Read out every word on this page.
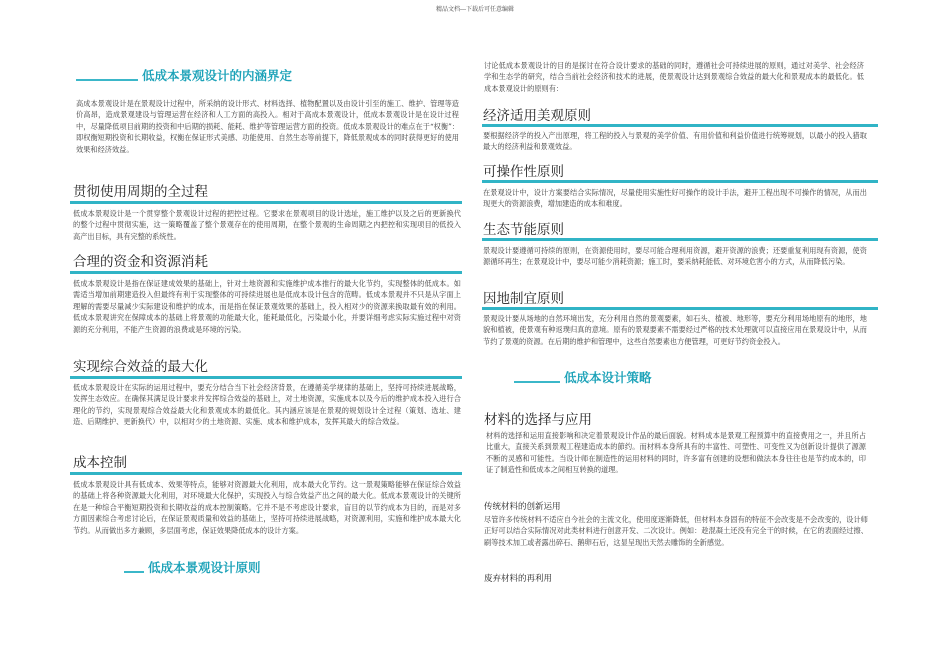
精品文档---下载后可任意编辑
低成本景观设计的内涵界定
高成本景观设计是在景观设计过程中，所采纳的设计形式、材料选择、植物配置以及由设计引至的施工、维护、管理等造价高昂，造成景观建设与管理运营在经济和人工方面的高投入。相对于高成本景观设计，低成本景观设计是在设计过程中，尽量降低项目前期的投资和中后期的损耗、能耗、维护等管理运营方面的投资。低成本景观设计的难点在于“权衡”：即权衡短期投资和长期收益，权衡在保证形式美感、功能使用、自然生态等前提下，降低景观成本的同时获得更好的使用效果和经济效益。
贯彻使用周期的全过程
低成本景观设计是一个贯穿整个景观设计过程的把控过程。它要求在景观项目的设计选址，施工维护以及之后的更新换代的整个过程中贯彻实施，这一策略覆盖了整个景观存在的使用周期，在整个景观的生命周期之内把控和实现项目的低投入高产出目标，具有完整的系统性。
合理的资金和资源消耗
低成本景观设计是指在保证建成效果的基础上，针对土地资源和实施维护成本推行的最大化节约，实现整体的低成本。如需适当增加前期建造投入但最终有利于实现整体的可持续进展也是低成本设计包含的范畴。低成本景观并不只是从字面上理解的需要尽量减少实际建设和维护的成本，而是指在保证景观效果的基础上，投入相对少的资源来换取最有效的利用。低成本景观讲究在保障成本的基础上将景观的功能最大化，能耗最低化，污染最小化，并要详细考虑实际实施过程中对资源的充分利用，不能产生资源的浪费或是环境的污染。
实现综合效益的最大化
低成本景观设计在实际的运用过程中，要充分结合当下社会经济背景，在遵循美学规律的基础上，坚持可持续进展战略，发挥生态效应。在确保其满足设计要求并发挥综合效益的基础上，对土地资源，实施成本以及今后的维护成本投入进行合理化的节约，实现景观综合效益最大化和景观成本的最低化。其内涵应该是在景观的规划设计全过程（策划、选址、建造、后期维护、更新换代）中，以相对少的土地资源、实施、成本和维护成本，发挥其最大的综合效益。
成本控制
低成本景观设计具有低成本、效果等特点，能够对资源最大化利用，成本最大化节约。这一景观策略能够在保证综合效益的基础上将各种资源最大化利用，对环境最大化保护，实现投入与综合效益产出之间的最大化。低成本景观设计的关键所在是一种综合平衡短期投资和长期收益的成本控制策略。它并不是不考虑设计要求，盲目的以节约成本为目的，而是对多方面因素综合考虑讨论后，在保证景观质量和效益的基础上，坚持可持续进展战略，对资源利用，实施和维护成本最大化节约。从而做出多方兼顾，多层面考虑，保证效果降低成本的设计方案。
低成本景观设计原则
讨论低成本景观设计的目的是探讨在符合设计要求的基础的同时，遵循社会可持续进展的原则，通过对美学、社会经济学和生态学的研究，结合当前社会经济和技术的进展，使景观设计达到景观综合效益的最大化和景观成本的最低化。低成本景观设计的原则有：
经济适用美观原则
要根据经济学的投入产出原理，将工程的投入与景观的美学价值、有用价值和利益价值进行统筹规划，以最小的投入猎取最大的经济利益和景观效益。
可操作性原则
在景观设计中，设计方案要结合实际情况，尽量使用实施性好可操作的设计手法，避开工程出现不可操作的情况，从而出现更大的资源浪费，增加建造的成本和难度。
生态节能原则
景观设计要遵循可持续的原则，在资源使用时，要尽可能合理利用资源，避开资源的浪费；还要重复利用现有资源，使资源循环再生；在景观设计中，要尽可能少消耗资源；施工时，要采纳耗能低、对环境危害小的方式，从而降低污染。
因地制宜原则
景观设计要从场地的自然环境出发，充分利用自然的景观要素，如石头、植被、地形等，要充分利用场地原有的地形，地貌和植被，使景观有种返璞归真的意境。原有的景观要素不需要经过严格的技术处理就可以直接应用在景观设计中，从而节约了景观的资源。在后期的维护和管理中，这些自然要素也方便管理，可更好节约资金投入。
低成本设计策略
材料的选择与应用
材料的选择和运用直接影响和决定着景观设计作品的最后面貌。材料成本是景观工程预算中的直接费用之一，并且所占比重大，直接关系到景观工程建造成本的節约。而材料本身所具有的丰富性、可塑性、可变性又为创新设计提供了源源不断的灵感和可能性。当设计师在制造性的运用材料的同时，许多富有创建的设想和做法本身往往也是节约成本的，印证了制造性和低成本之间相互转换的道理。
传统材料的创新运用
尽管许多传统材料不适应自今社会的主流文化，使用度逐渐降低，但材料本身固有的特征不会改变是不会改变的，设计师正好可以结合实际情况对此类材料进行创意开发、二次设计。例如：趁混凝土还没有完全干的时候，在它的表面经过擦、刷等技术加工或者露出碎石、鹅卵石后，这显呈现出天然去雕饰的全新感觉。
废弃材料的再利用
